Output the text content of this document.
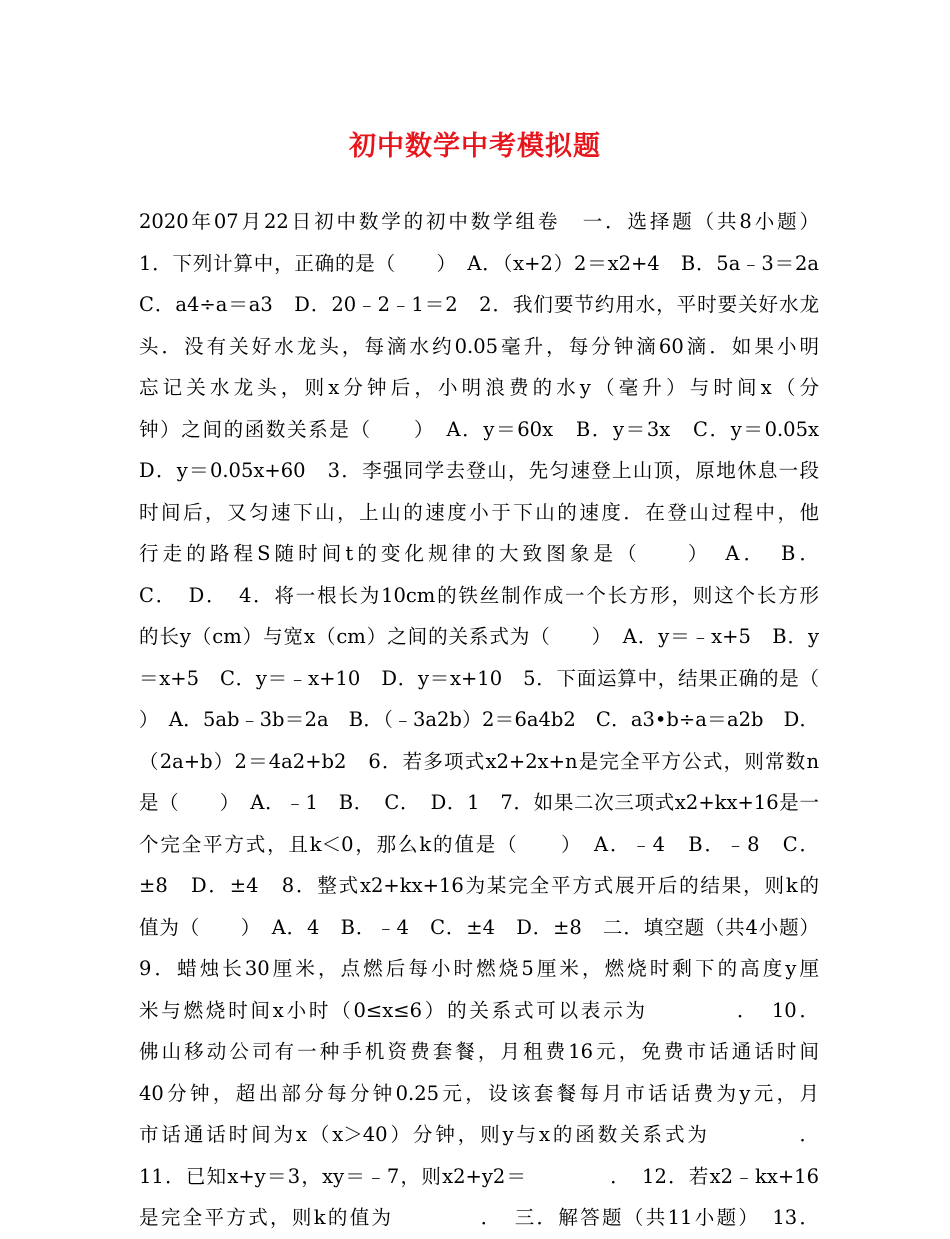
初中数学中考模拟题
2020年07月22日初中数学的初中数学组卷　一．选择题（共8小题）
1．下列计算中，正确的是（　　）　A．（x+2）2＝x2+4　B．5a﹣3＝2a
C．a4÷a＝a3　D．20﹣2﹣1＝2　2．我们要节约用水，平时要关好水龙
头．没有关好水龙头，每滴水约0.05毫升，每分钟滴60滴．如果小明
忘记关水龙头，则x分钟后，小明浪费的水y（毫升）与时间x（分
钟）之间的函数关系是（　　）　A．y＝60x　B．y＝3x　C．y＝0.05x
D．y＝0.05x+60　3．李强同学去登山，先匀速登上山顶，原地休息一段
时间后，又匀速下山，上山的速度小于下山的速度．在登山过程中，他
行走的路程S随时间t的变化规律的大致图象是（　　）　A．　B．
C．　D．　4．将一根长为10cm的铁丝制作成一个长方形，则这个长方形
的长y（cm）与宽x（cm）之间的关系式为（　　）　A．y＝﹣x+5　B．y
＝x+5　C．y＝﹣x+10　D．y＝x+10　5．下面运算中，结果正确的是（
）　A．5ab﹣3b＝2a　B．（﹣3a2b）2＝6a4b2　C．a3•b÷a＝a2b　D．
（2a+b）2＝4a2+b2　6．若多项式x2+2x+n是完全平方公式，则常数n
是（　　）　A．﹣1　B．　C．　D．1　7．如果二次三项式x2+kx+16是一
个完全平方式，且k＜0，那么k的值是（　　）　A．﹣4　B．﹣8　C．
±8　D．±4　8．整式x2+kx+16为某完全平方式展开后的结果，则k的
值为（　　）　A．4　B．﹣4　C．±4　D．±8　二．填空题（共4小题）
9．蜡烛长30厘米，点燃后每小时燃烧5厘米，燃烧时剩下的高度y厘
米与燃烧时间x小时（0≤x≤6）的关系式可以表示为　　　　．　10．
佛山移动公司有一种手机资费套餐，月租费16元，免费市话通话时间
40分钟，超出部分每分钟0.25元，设该套餐每月市话话费为y元，月
市话通话时间为x（x＞40）分钟，则y与x的函数关系式为　　　　．
11．已知x+y＝3，xy＝﹣7，则x2+y2＝　　　　．　12．若x2﹣kx+16
是完全平方式，则k的值为　　　　．　三．解答题（共11小题）　13．
